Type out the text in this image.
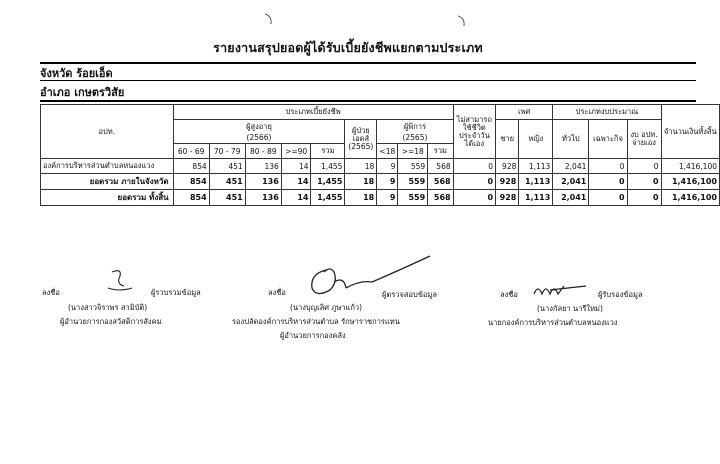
รายงานสรุปยอดผู้ได้รับเบี้ยยังชีพแยกตามประเภท
จังหวัด ร้อยเอ็ด
อำเภอ เกษตรวิสัย
อปท.	ประเภทเบี้ยยังชีพ									ไม่สามารถใช้ชีวิตประจำวันได้เอง	เพศ		ประเภทงบประมาณ			จำนวนเงินทั้งสิ้น
	ผู้สูงอายุ
(2566)					ผู้ป่วยเอดส์
(2565)	ผู้พิการ
(2565)				ชาย	หญิง	ทั่วไป	เฉพาะกิจ	งบ อปท. จ่ายเอง	
	60 - 69	70 - 79	80 - 89	>=90	รวม		<18	>=18	รวม							
องค์การบริหารส่วนตำบลหนองแวง	854	451	136	14	1,455	18	9	559	568	0	928	1,113	2,041	0	0	1,416,100
ยอดรวม ภายในจังหวัด	854	451	136	14	1,455	18	9	559	568	0	928	1,113	2,041	0	0	1,416,100
ยอดรวม ทั้งสิ้น	854	451	136	14	1,455	18	9	559	568	0	928	1,113	2,041	0	0	1,416,100
ลงชื่อ	ผู้รวบรวมข้อมูล
(นางสาวจิราพร สามิบัติ)
ผู้อำนวยการกองสวัสดิการสังคม
ลงชื่อ	ผู้ตรวจสอบข้อมูล
(นางบุญเลิศ ภูษาแก้ว)
รองปลัดองค์การบริหารส่วนตำบล รักษาราชการแทน
ผู้อำนวยการกองคลัง
ลงชื่อ	ผู้รับรองข้อมูล
(นางกัลยา นารีใหม่)
นายกองค์การบริหารส่วนตำบลหนองแวง
